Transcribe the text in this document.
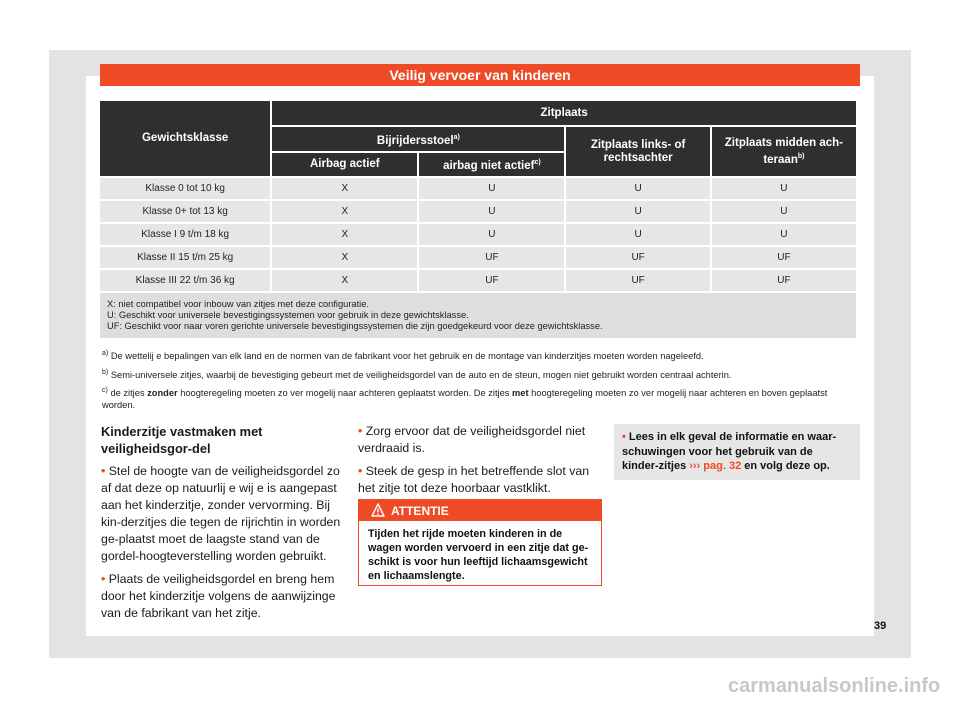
Veilig vervoer van kinderen
Gewichtsklasse	Zitplaats			
	Bijrijdersstoel$^{a)}$		Zitplaats links- of rechtsachter	Zitplaats midden ach-teraan$^{b)}$
	Airbag actief	airbag niet actief$^{c)}$
Klasse 0 tot 10 kg	X	U	U	U
Klasse 0+ tot 13 kg	X	U	U	U
Klasse I 9 t/m 18 kg	X	U	U	U
Klasse II 15 t/m 25 kg	X	UF	UF	UF
Klasse III 22 t/m 36 kg	X	UF	UF	UF

X: niet compatibel voor inbouw van zitjes met deze configuratie.
U: Geschikt voor universele bevestigingssystemen voor gebruik in deze gewichtsklasse.
UF: Geschikt voor naar voren gerichte universele bevestigingssystemen die zijn goedgekeurd voor deze gewichtsklasse.				
$^{a)}$ De wettelij e bepalingen van elk land en de normen van de fabrikant voor het gebruik en de montage van kinderzitjes moeten worden nageleefd.
$^{b)}$ Semi-universele zitjes, waarbij de bevestiging gebeurt met de veiligheidsgordel van de auto en de steun, mogen niet gebruikt worden centraal achterin.
$^{c)}$ de zitjes zonder hoogteregeling moeten zo ver mogelij naar achteren geplaatst worden. De zitjes met hoogteregeling moeten zo ver mogelij naar achteren en boven geplaatst worden.
Kinderzitje vastmaken met veiligheidsgor-del

• Stel de hoogte van de veiligheidsgordel zo af dat deze op natuurlij e wij e is aangepast aan het kinderzitje, zonder vervorming. Bij kin-derzitjes die tegen de rijrichtin in worden ge-plaatst moet de laagste stand van de gordel-hoogteverstelling worden gebruikt.

• Plaats de veiligheidsgordel en breng hem door het kinderzitje volgens de aanwijzinge van de fabrikant van het zitje.

• Zorg ervoor dat de veiligheidsgordel niet verdraaid is.

• Steek de gesp in het betreffende slot van het zitje tot deze hoorbaar vastklikt.

ATTENTIE
Tijden het rijde moeten kinderen in de wagen worden vervoerd in een zitje dat ge-schikt is voor hun leeftijd lichaamsgewicht en lichaamslengte.
• Lees in elk geval de informatie en waar-schuwingen voor het gebruik van de kinder-zitjes ››› pag. 32 en volg deze op.
39
carmanualsonline.info
